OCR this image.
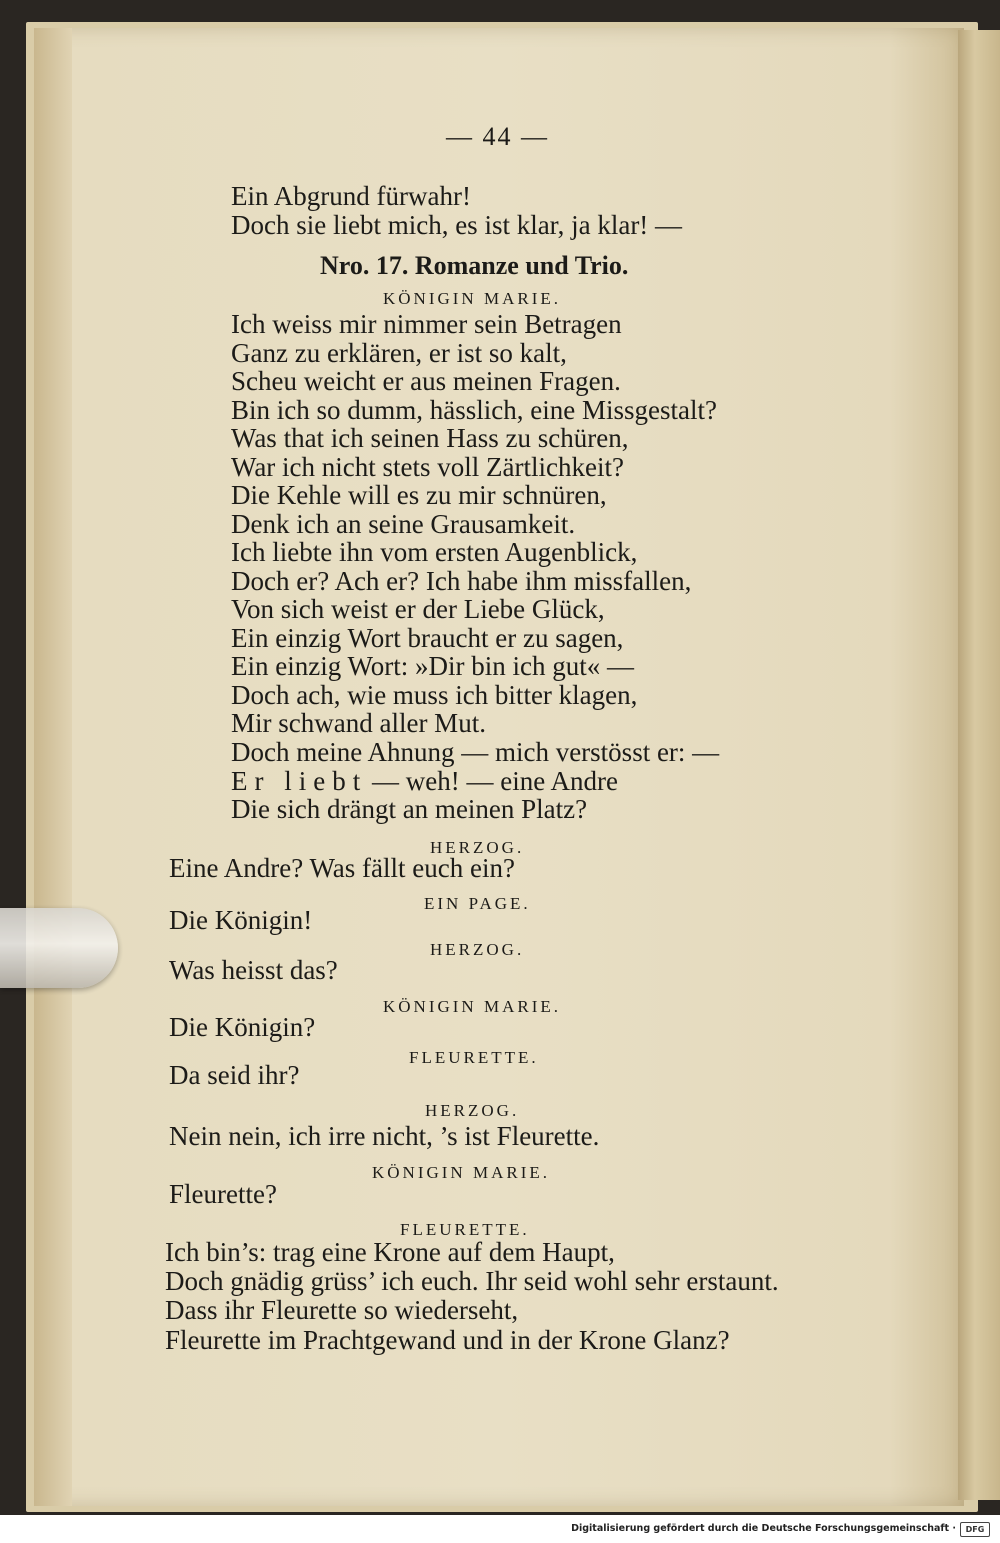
— 44 —
Ein Abgrund fürwahr!
Doch sie liebt mich, es ist klar, ja klar! —
Nro. 17. Romanze und Trio.
KÖNIGIN MARIE.
Ich weiss mir nimmer sein Betragen
Ganz zu erklären, er ist so kalt,
Scheu weicht er aus meinen Fragen.
Bin ich so dumm, hässlich, eine Missgestalt?
Was that ich seinen Hass zu schüren,
War ich nicht stets voll Zärtlichkeit?
Die Kehle will es zu mir schnüren,
Denk ich an seine Grausamkeit.
Ich liebte ihn vom ersten Augenblick,
Doch er? Ach er? Ich habe ihm missfallen,
Von sich weist er der Liebe Glück,
Ein einzig Wort braucht er zu sagen,
Ein einzig Wort: »Dir bin ich gut« —
Doch ach, wie muss ich bitter klagen,
Mir schwand aller Mut.
Doch meine Ahnung — mich verstösst er: —
Er liebt — weh! — eine Andre
Die sich drängt an meinen Platz?
HERZOG.
Eine Andre? Was fällt euch ein?
EIN PAGE.
Die Königin!
HERZOG.
Was heisst das?
KÖNIGIN MARIE.
Die Königin?
FLEURETTE.
Da seid ihr?
HERZOG.
Nein nein, ich irre nicht, ’s ist Fleurette.
KÖNIGIN MARIE.
Fleurette?
FLEURETTE.
Ich bin’s: trag eine Krone auf dem Haupt,
Doch gnädig grüss’ ich euch. Ihr seid wohl sehr erstaunt.
Dass ihr Fleurette so wiederseht,
Fleurette im Prachtgewand und in der Krone Glanz?
Digitalisierung gefördert durch die Deutsche Forschungsgemeinschaft ·	DFG
